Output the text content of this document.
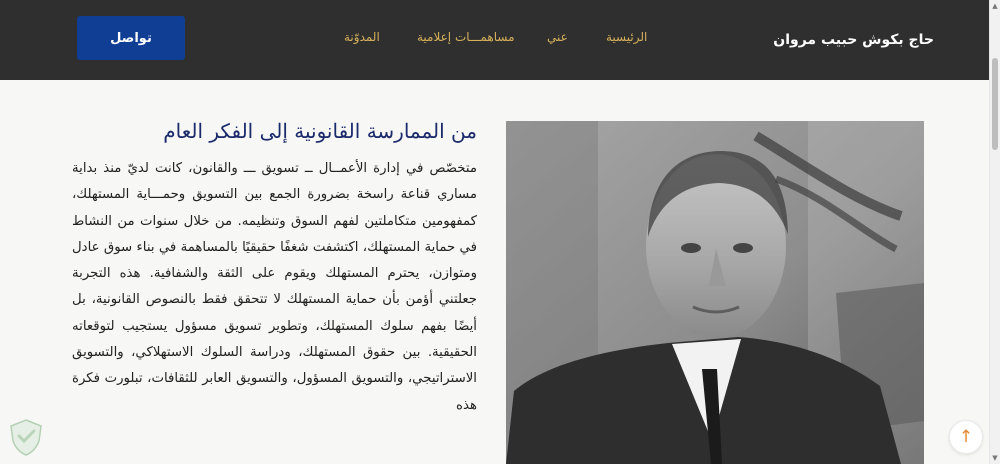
حاج بكوش حبيب مروان
الرئيسية
عني
مساهمـــات إعلامية
المدوّنة
تواصل
من الممارسة القانونية إلى الفكر العام

متخصّص في إدارة الأعمــال ــ تسويق ـــ والقانون، كانت لديّ منذ بداية مساري قناعة راسخة بضرورة الجمع بين التسويق وحمـــاية المستهلك، كمفهومين متكاملتين لفهم السوق وتنظيمه. من خلال سنوات من النشاط في حماية المستهلك، اكتشفت شغفًا حقيقيًا بالمساهمة في بناء سوق عادل ومتوازن، يحترم المستهلك ويقوم على الثقة والشفافية. هذه التجربة جعلتني أؤمن بأن حماية المستهلك لا تتحقق فقط بالنصوص القانونية، بل أيضًا بفهم سلوك المستهلك، وتطوير تسويق مسؤول يستجيب لتوقعاته الحقيقية. بين حقوق المستهلك، ودراسة السلوك الاستهلاكي، والتسويق الاستراتيجي، والتسويق المسؤول، والتسويق العابر للثقافات، تبلورت فكرة هذه

▲
▼
↑
